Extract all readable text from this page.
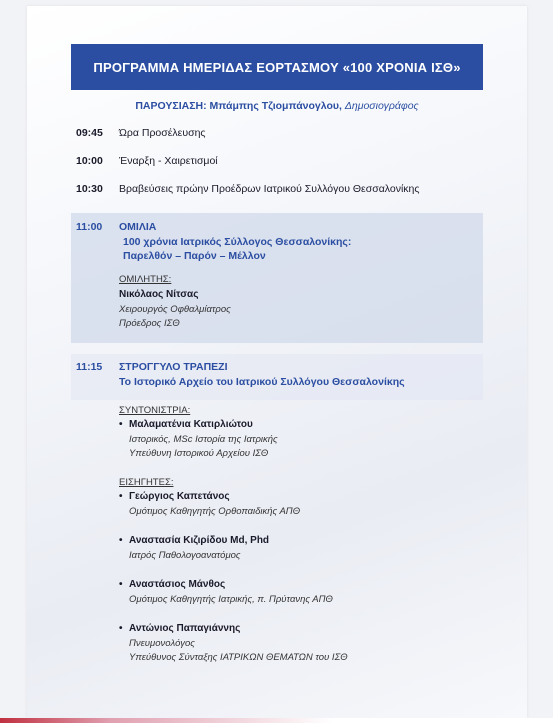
ΠΡΟΓΡΑΜΜΑ ΗΜΕΡΙΔΑΣ ΕΟΡΤΑΣΜΟΥ «100 ΧΡΟΝΙΑ ΙΣΘ»
ΠΑΡΟΥΣΙΑΣΗ: Μπάμπης Τζιομπάνογλου, Δημοσιογράφος
09:45 Ώρα Προσέλευσης
10:00 Έναρξη - Χαιρετισμοί
10:30 Βραβεύσεις πρώην Προέδρων Ιατρικού Συλλόγου Θεσσαλονίκης
11:00 ΟΜΙΛΙΑ
100 χρόνια Ιατρικός Σύλλογος Θεσσαλονίκης:
Παρελθόν – Παρόν – Μέλλον
ΟΜΙΛΗΤΗΣ:
Νικόλαος Νίτσας
Χειρουργός Οφθαλμίατρος
Πρόεδρος ΙΣΘ
11:15 ΣΤΡΟΓΓΥΛΟ ΤΡΑΠΕΖΙ
Το Ιστορικό Αρχείο του Ιατρικού Συλλόγου Θεσσαλονίκης
ΣΥΝΤΟΝΙΣΤΡΙΑ:
• Μαλαματένια Κατιρλιώτου
Ιστορικός, MSc Ιστορία της Ιατρικής
Υπεύθυνη Ιστορικού Αρχείου ΙΣΘ
ΕΙΣΗΓΗΤΕΣ:
• Γεώργιος Καπετάνος
Ομότιμος Καθηγητής Ορθοπαιδικής ΑΠΘ
• Αναστασία Κιζιρίδου Md, Phd
Ιατρός Παθολογοανατόμος
• Αναστάσιος Μάνθος
Ομότιμος Καθηγητής Ιατρικής, π. Πρύτανης ΑΠΘ
• Αντώνιος Παπαγιάννης
Πνευμονολόγος
Υπεύθυνος Σύνταξης ΙΑΤΡΙΚΩΝ ΘΕΜΑΤΩΝ του ΙΣΘ
